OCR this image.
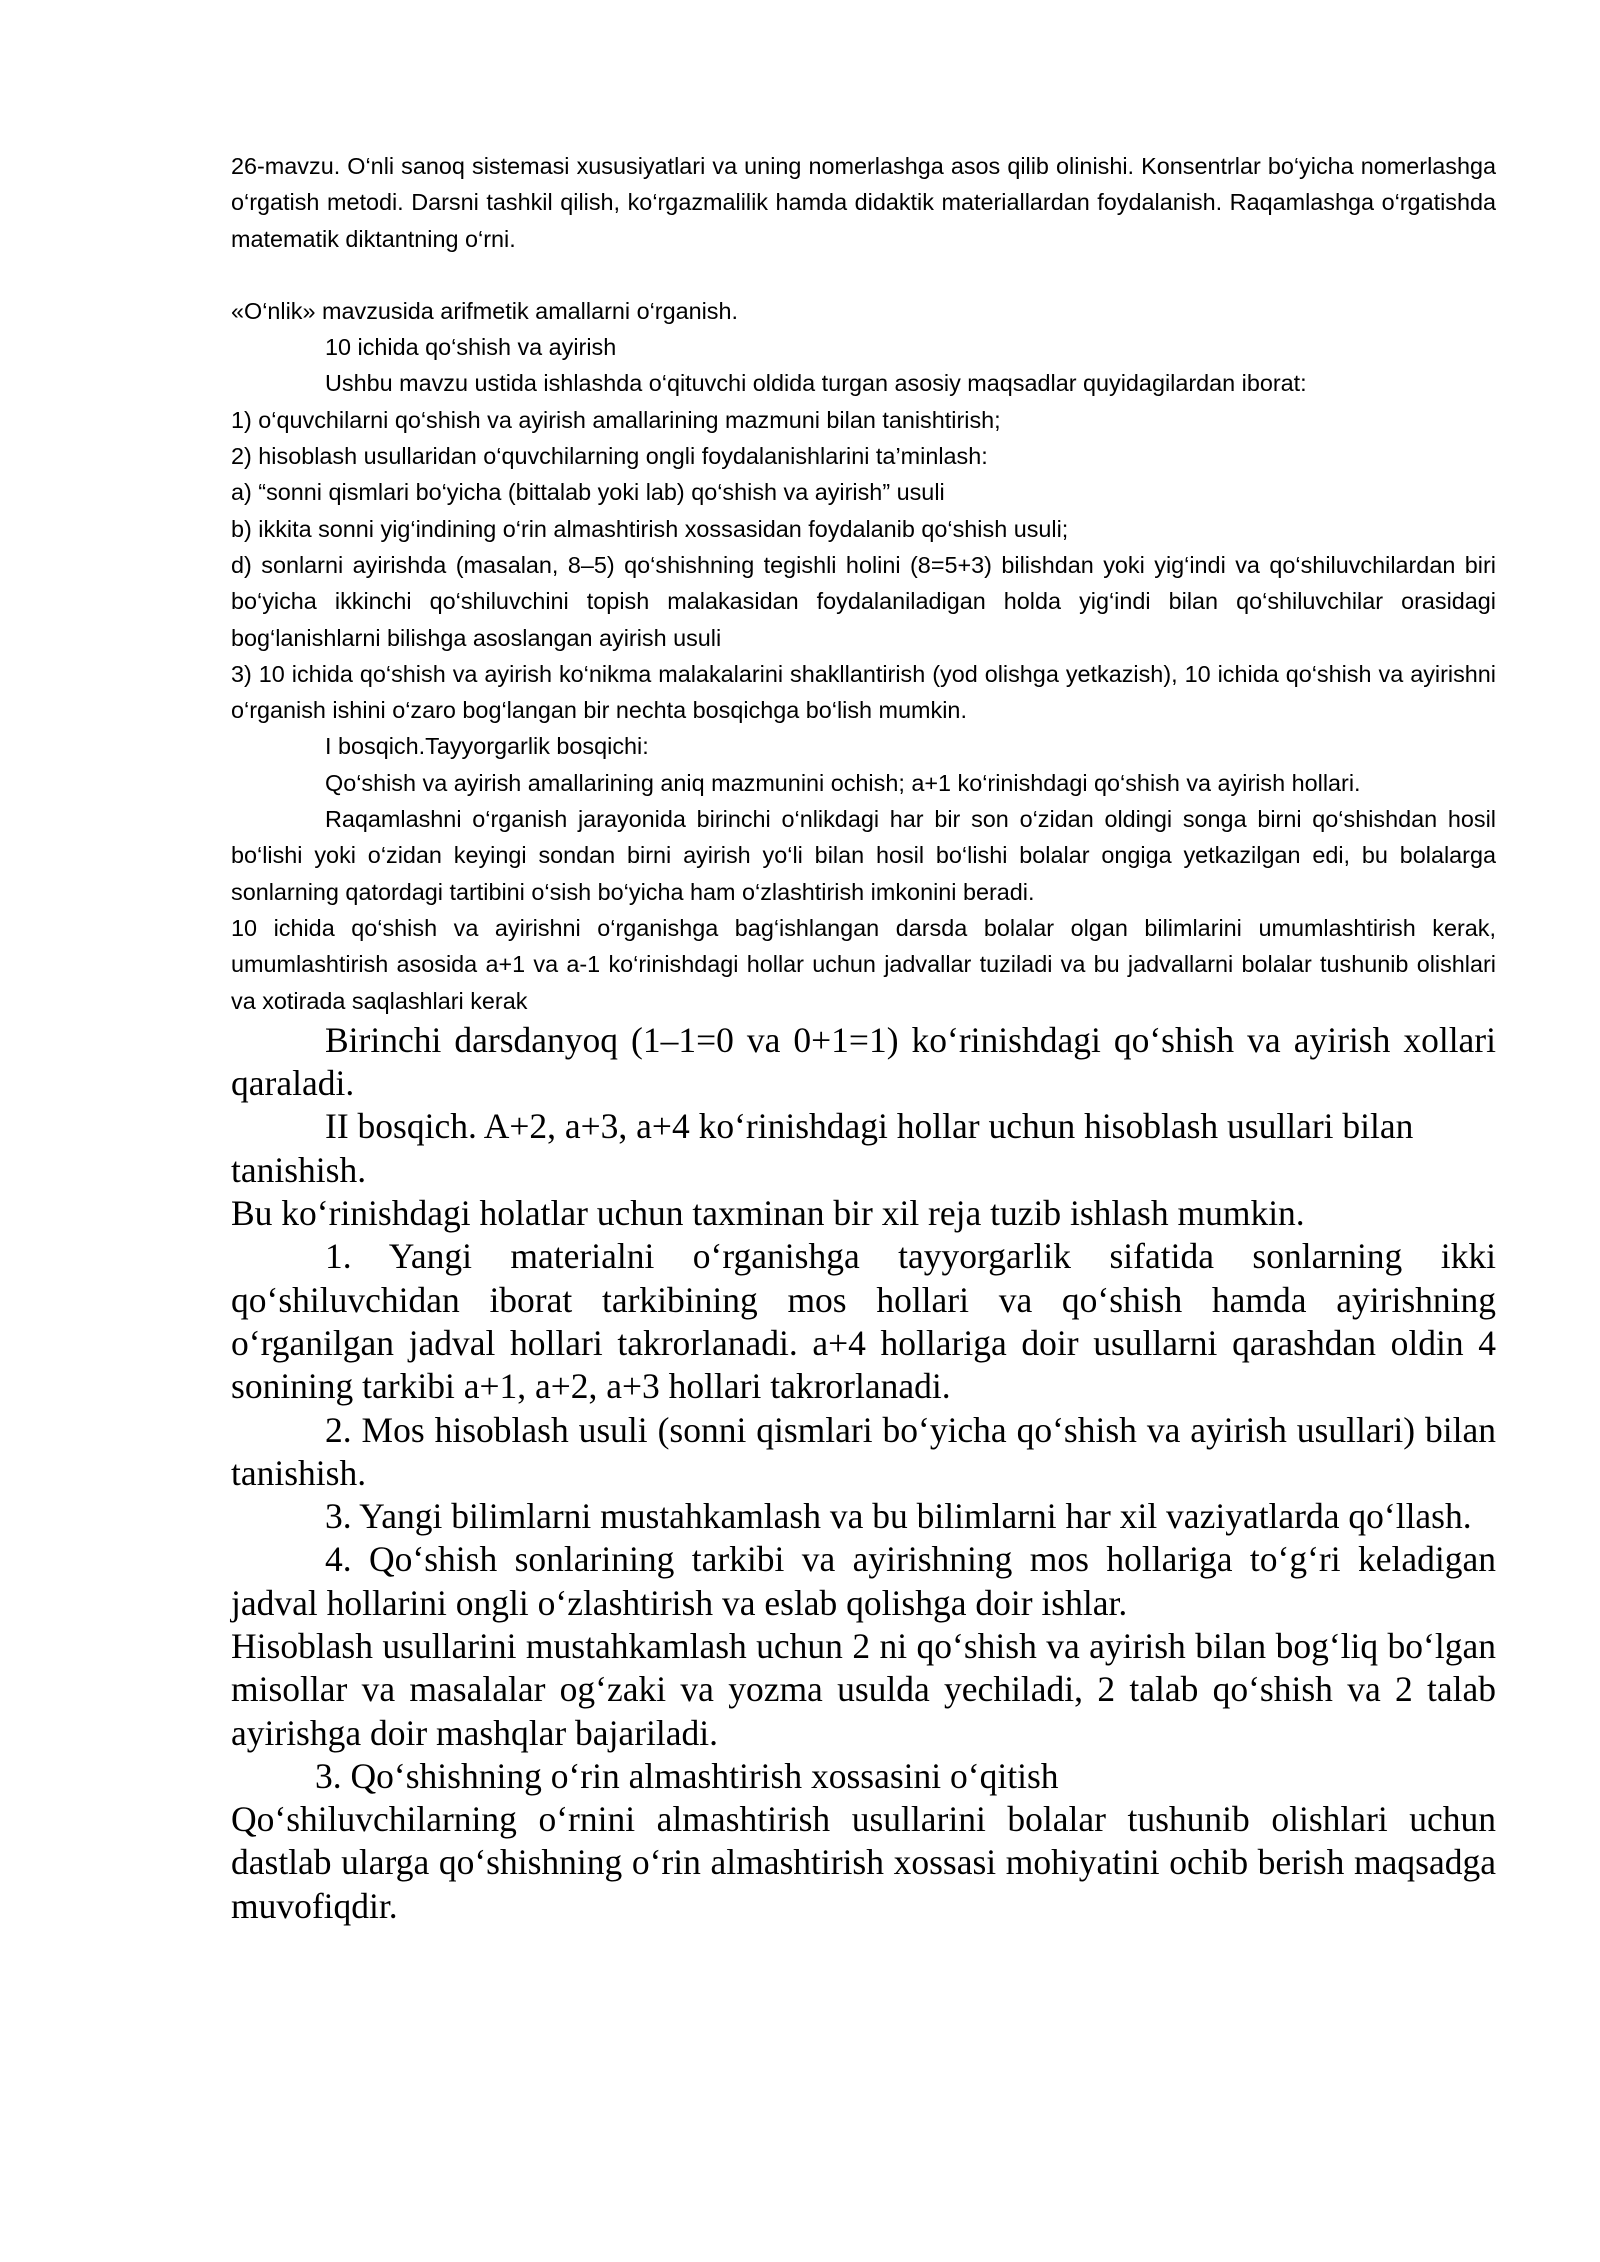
26-mavzu. O‘nli sanoq sistemasi xususiyatlari va uning nomerlashga asos qilib olinishi. Konsentrlar bo‘yicha nomerlashga o‘rgatish metodi. Darsni tashkil qilish, ko‘rgazmalilik hamda didaktik materiallardan foydalanish. Raqamlashga o‘rgatishda matematik diktantning o‘rni.

«O‘nlik» mavzusida arifmetik amallarni o‘rganish.

10 ichida qo‘shish va ayirish

Ushbu mavzu ustida ishlashda o‘qituvchi oldida turgan asosiy maqsadlar quyidagilardan iborat:

1) o‘quvchilarni qo‘shish va ayirish amallarining mazmuni bilan tanishtirish;

2) hisoblash usullaridan o‘quvchilarning ongli foydalanishlarini ta’minlash:

a) “sonni qismlari bo‘yicha (bittalab yoki lab) qo‘shish va ayirish” usuli

b) ikkita sonni yig‘indining o‘rin almashtirish xossasidan foydalanib qo‘shish usuli;

d) sonlarni ayirishda (masalan, 8–5) qo‘shishning tegishli holini (8=5+3) bilishdan yoki yig‘indi va qo‘shiluvchilardan biri bo‘yicha ikkinchi qo‘shiluvchini topish malakasidan foydalaniladigan holda yig‘indi bilan qo‘shiluvchilar orasidagi bog‘lanishlarni bilishga asoslangan ayirish usuli

3) 10 ichida qo‘shish va ayirish ko‘nikma malakalarini shakllantirish (yod olishga yetkazish), 10 ichida qo‘shish va ayirishni o‘rganish ishini o‘zaro bog‘langan bir nechta bosqichga bo‘lish mumkin.

I bosqich.Tayyorgarlik bosqichi:

Qo‘shish va ayirish amallarining aniq mazmunini ochish; a+1 ko‘rinishdagi qo‘shish va ayirish hollari.

Raqamlashni o‘rganish jarayonida birinchi o‘nlikdagi har bir son o‘zidan oldingi songa birni qo‘shishdan hosil bo‘lishi yoki o‘zidan keyingi sondan birni ayirish yo‘li bilan hosil bo‘lishi bolalar ongiga yetkazilgan edi, bu bolalarga sonlarning qatordagi tartibini o‘sish bo‘yicha ham o‘zlashtirish imkonini beradi.

10 ichida qo‘shish va ayirishni o‘rganishga bag‘ishlangan darsda bolalar olgan bilimlarini umumlashtirish kerak, umumlashtirish asosida a+1 va a-1 ko‘rinishdagi hollar uchun jadvallar tuziladi va bu jadvallarni bolalar tushunib olishlari va xotirada saqlashlari kerak

Birinchi darsdanyoq (1–1=0 va 0+1=1) ko‘rinishdagi qo‘shish va ayirish xollari qaraladi.

II bosqich. A+2, a+3, a+4 ko‘rinishdagi hollar uchun hisoblash usullari bilan tanishish.

Bu ko‘rinishdagi holatlar uchun taxminan bir xil reja tuzib ishlash mumkin.

1. Yangi materialni o‘rganishga tayyorgarlik sifatida sonlarning ikki qo‘shiluvchidan iborat tarkibining mos hollari va qo‘shish hamda ayirishning o‘rganilgan jadval hollari takrorlanadi. a+4 hollariga doir usullarni qarashdan oldin 4 sonining tarkibi a+1, a+2, a+3 hollari takrorlanadi.

2. Mos hisoblash usuli (sonni qismlari bo‘yicha qo‘shish va ayirish usullari) bilan tanishish.

3. Yangi bilimlarni mustahkamlash va bu bilimlarni har xil vaziyatlarda qo‘llash.

4. Qo‘shish sonlarining tarkibi va ayirishning mos hollariga to‘g‘ri keladigan jadval hollarini ongli o‘zlashtirish va eslab qolishga doir ishlar.

Hisoblash usullarini mustahkamlash uchun 2 ni qo‘shish va ayirish bilan bog‘liq bo‘lgan misollar va masalalar og‘zaki va yozma usulda yechiladi, 2 talab qo‘shish va 2 talab ayirishga doir mashqlar bajariladi.

3. Qo‘shishning o‘rin almashtirish xossasini o‘qitish

Qo‘shiluvchilarning o‘rnini almashtirish usullarini bolalar tushunib olishlari uchun dastlab ularga qo‘shishning o‘rin almashtirish xossasi mohiyatini ochib berish maqsadga muvofiqdir.
